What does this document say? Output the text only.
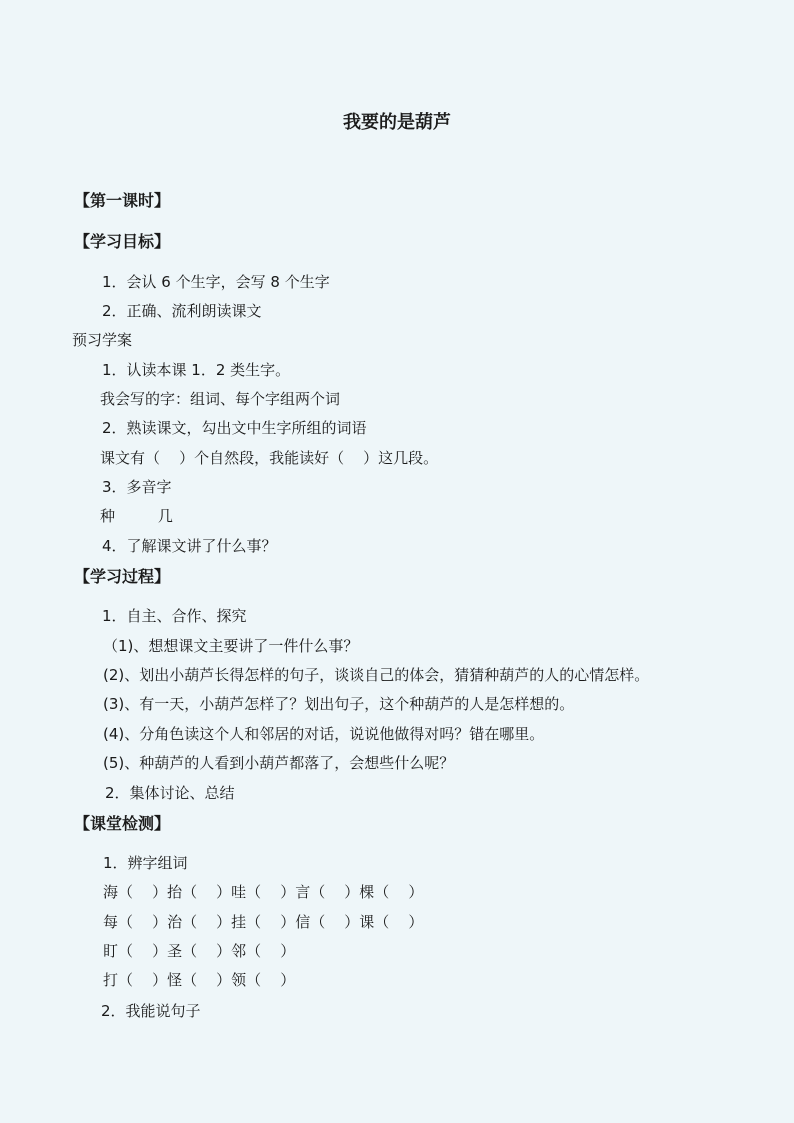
我要的是葫芦
【第一课时】
【学习目标】
1．会认 6 个生字，会写 8 个生字
2．正确、流利朗读课文
预习学案
1．认读本课 1．2 类生字。
我会写的字：组词、每个字组两个词
2．熟读课文，勾出文中生字所组的词语
课文有（    ）个自然段，我能读好（    ）这几段。
3．多音字
种         几
4．了解课文讲了什么事？
【学习过程】
1．自主、合作、探究
（1)、想想课文主要讲了一件什么事？
(2)、划出小葫芦长得怎样的句子，谈谈自己的体会，猜猜种葫芦的人的心情怎样。
(3)、有一天，小葫芦怎样了？划出句子，这个种葫芦的人是怎样想的。
(4)、分角色读这个人和邻居的对话，说说他做得对吗？错在哪里。
(5)、种葫芦的人看到小葫芦都落了，会想些什么呢？
2．集体讨论、总结
【课堂检测】
1．辨字组词
海（    ）抬（    ）哇（    ）言（    ）棵（    ）
每（    ）治（    ）挂（    ）信（    ）课（    ）
盯（    ）圣（    ）邻（    ）
打（    ）怪（    ）领（    ）
2．我能说句子
